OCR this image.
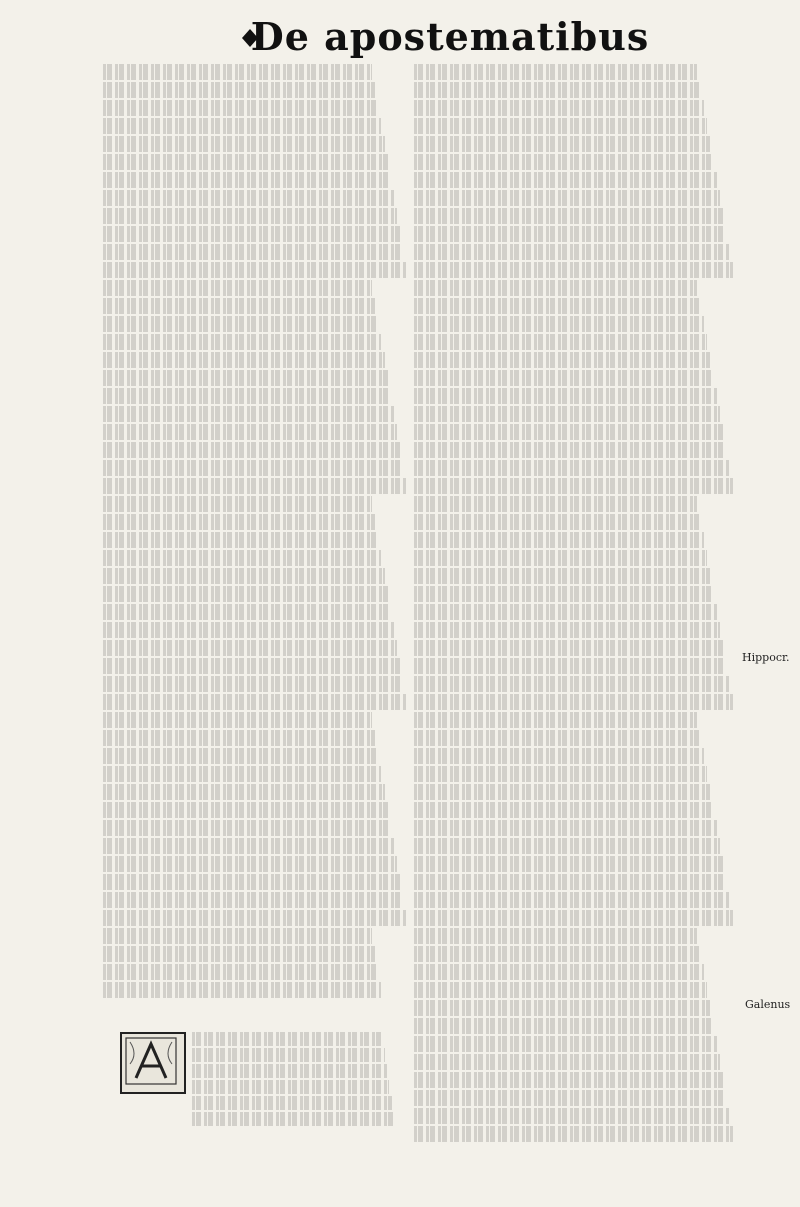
De apostematibus
Hippocr.
Galenus
